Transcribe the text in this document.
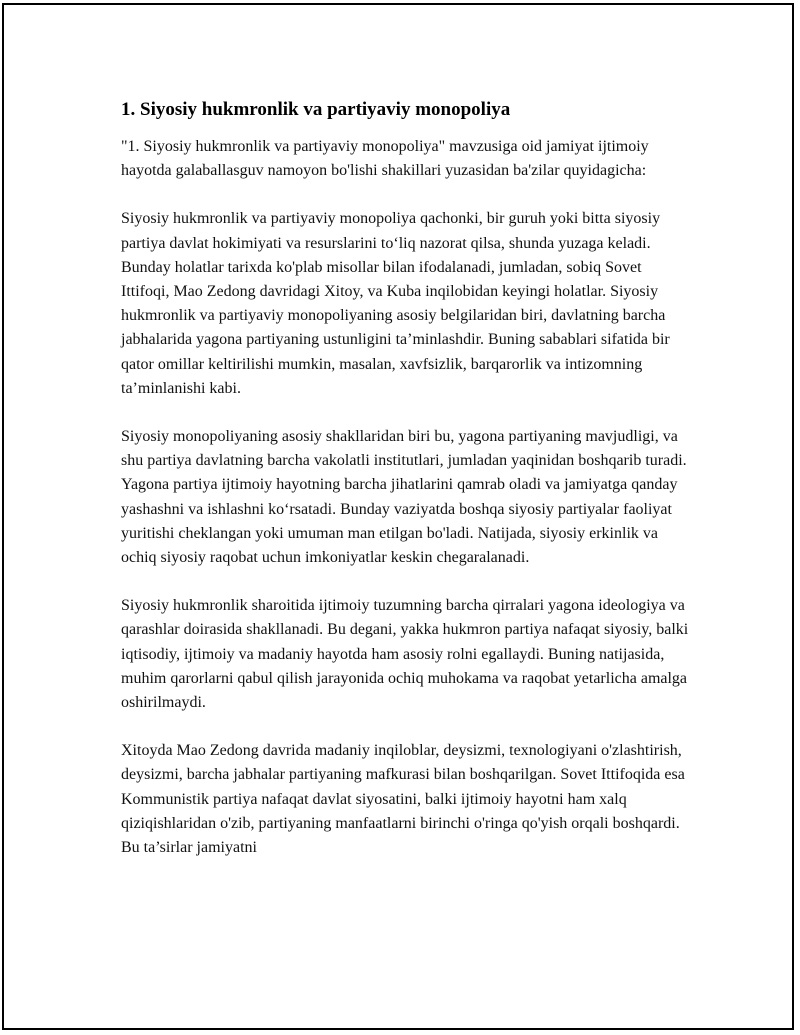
1. Siyosiy hukmronlik va partiyaviy monopoliya

"1. Siyosiy hukmronlik va partiyaviy monopoliya" mavzusiga oid jamiyat ijtimoiy hayotda galaballasguv namoyon bo'lishi shakillari yuzasidan ba'zilar quyidagicha:

Siyosiy hukmronlik va partiyaviy monopoliya qachonki, bir guruh yoki bitta siyosiy partiya davlat hokimiyati va resurslarini to‘liq nazorat qilsa, shunda yuzaga keladi. Bunday holatlar tarixda ko'plab misollar bilan ifodalanadi, jumladan, sobiq Sovet Ittifoqi, Mao Zedong davridagi Xitoy, va Kuba inqilobidan keyingi holatlar. Siyosiy hukmronlik va partiyaviy monopoliyaning asosiy belgilaridan biri, davlatning barcha jabhalarida yagona partiyaning ustunligini ta’minlashdir. Buning sabablari sifatida bir qator omillar keltirilishi mumkin, masalan, xavfsizlik, barqarorlik va intizomning ta’minlanishi kabi.

Siyosiy monopoliyaning asosiy shakllaridan biri bu, yagona partiyaning mavjudligi, va shu partiya davlatning barcha vakolatli institutlari, jumladan yaqinidan boshqarib turadi. Yagona partiya ijtimoiy hayotning barcha jihatlarini qamrab oladi va jamiyatga qanday yashashni va ishlashni ko‘rsatadi. Bunday vaziyatda boshqa siyosiy partiyalar faoliyat yuritishi cheklangan yoki umuman man etilgan bo'ladi. Natijada, siyosiy erkinlik va ochiq siyosiy raqobat uchun imkoniyatlar keskin chegaralanadi.

Siyosiy hukmronlik sharoitida ijtimoiy tuzumning barcha qirralari yagona ideologiya va qarashlar doirasida shakllanadi. Bu degani, yakka hukmron partiya nafaqat siyosiy, balki iqtisodiy, ijtimoiy va madaniy hayotda ham asosiy rolni egallaydi. Buning natijasida, muhim qarorlarni qabul qilish jarayonida ochiq muhokama va raqobat yetarlicha amalga oshirilmaydi.

Xitoyda Mao Zedong davrida madaniy inqiloblar, deysizmi, texnologiyani o'zlashtirish, deysizmi, barcha jabhalar partiyaning mafkurasi bilan boshqarilgan. Sovet Ittifoqida esa Kommunistik partiya nafaqat davlat siyosatini, balki ijtimoiy hayotni ham xalq qiziqishlaridan o'zib, partiyaning manfaatlarni birinchi o'ringa qo'yish orqali boshqardi. Bu ta’sirlar jamiyatni
